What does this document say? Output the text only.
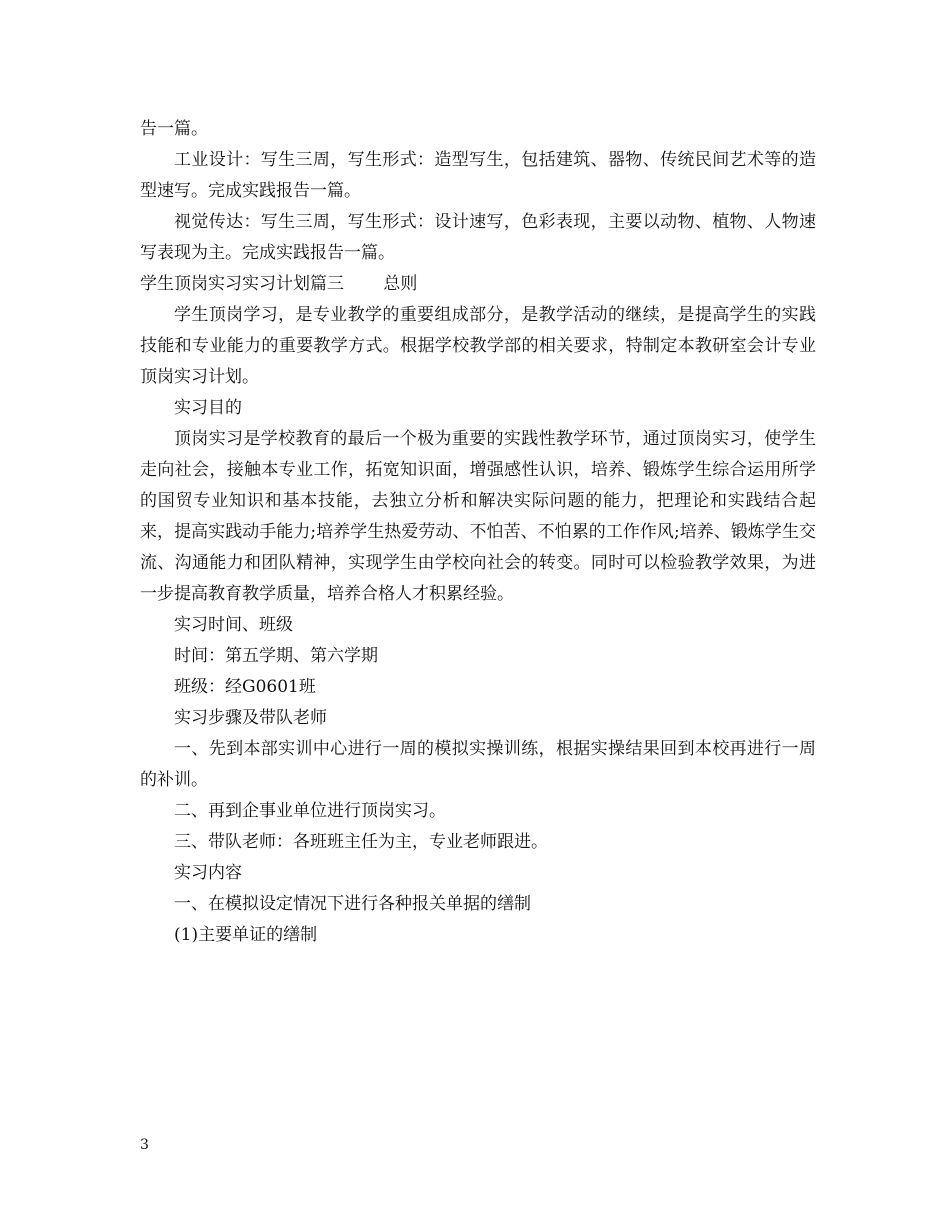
告一篇。

工业设计：写生三周，写生形式：造型写生，包括建筑、器物、传统民间艺术等的造型速写。完成实践报告一篇。

视觉传达：写生三周，写生形式：设计速写，色彩表现，主要以动物、植物、人物速写表现为主。完成实践报告一篇。

学生顶岗实习实习计划篇三 　　总则

学生顶岗学习，是专业教学的重要组成部分，是教学活动的继续，是提高学生的实践技能和专业能力的重要教学方式。根据学校教学部的相关要求，特制定本教研室会计专业顶岗实习计划。

实习目的

顶岗实习是学校教育的最后一个极为重要的实践性教学环节，通过顶岗实习，使学生走向社会，接触本专业工作，拓宽知识面，增强感性认识，培养、锻炼学生综合运用所学的国贸专业知识和基本技能，去独立分析和解决实际问题的能力，把理论和实践结合起来，提高实践动手能力;培养学生热爱劳动、不怕苦、不怕累的工作作风;培养、锻炼学生交流、沟通能力和团队精神，实现学生由学校向社会的转变。同时可以检验教学效果，为进一步提高教育教学质量，培养合格人才积累经验。

实习时间、班级

时间：第五学期、第六学期

班级：经G0601班

实习步骤及带队老师

一、先到本部实训中心进行一周的模拟实操训练，根据实操结果回到本校再进行一周的补训。

二、再到企事业单位进行顶岗实习。

三、带队老师：各班班主任为主，专业老师跟进。

实习内容

一、在模拟设定情况下进行各种报关单据的缮制

(1)主要单证的缮制

3
